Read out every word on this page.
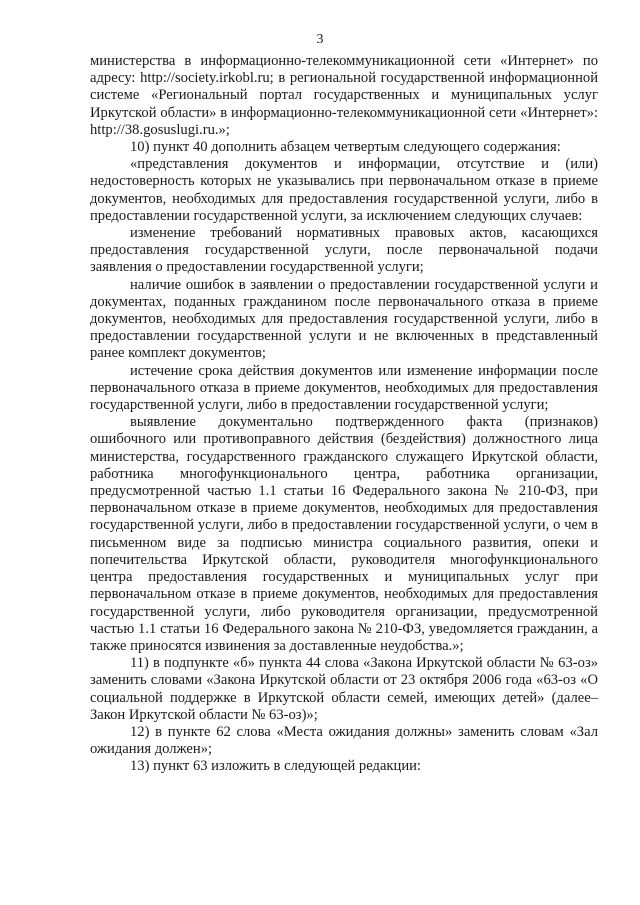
3

министерства в информационно-телекоммуникационной сети «Интернет» по адресу: http://society.irkobl.ru; в региональной государственной информационной системе «Региональный портал государственных и муниципальных услуг Иркутской области» в информационно-телекоммуникационной сети «Интернет»: http://38.gosuslugi.ru.»;

10) пункт 40 дополнить абзацем четвертым следующего содержания:

«представления документов и информации, отсутствие и (или) недостоверность которых не указывались при первоначальном отказе в приеме документов, необходимых для предоставления государственной услуги, либо в предоставлении государственной услуги, за исключением следующих случаев:

изменение требований нормативных правовых актов, касающихся предоставления государственной услуги, после первоначальной подачи заявления о предоставлении государственной услуги;

наличие ошибок в заявлении о предоставлении государственной услуги и документах, поданных гражданином после первоначального отказа в приеме документов, необходимых для предоставления государственной услуги, либо в предоставлении государственной услуги и не включенных в представленный ранее комплект документов;

истечение срока действия документов или изменение информации после первоначального отказа в приеме документов, необходимых для предоставления государственной услуги, либо в предоставлении государственной услуги;

выявление документально подтвержденного факта (признаков) ошибочного или противоправного действия (бездействия) должностного лица министерства, государственного гражданского служащего Иркутской области, работника многофункционального центра, работника организации, предусмотренной частью 1.1 статьи 16 Федерального закона № 210-ФЗ, при первоначальном отказе в приеме документов, необходимых для предоставления государственной услуги, либо в предоставлении государственной услуги, о чем в письменном виде за подписью министра социального развития, опеки и попечительства Иркутской области, руководителя многофункционального центра предоставления государственных и муниципальных услуг при первоначальном отказе в приеме документов, необходимых для предоставления государственной услуги, либо руководителя организации, предусмотренной частью 1.1 статьи 16 Федерального закона № 210-ФЗ, уведомляется гражданин, а также приносятся извинения за доставленные неудобства.»;

11) в подпункте «б» пункта 44 слова «Закона Иркутской области № 63-оз» заменить словами «Закона Иркутской области от 23 октября 2006 года «63-оз «О социальной поддержке в Иркутской области семей, имеющих детей» (далее–Закон Иркутской области № 63-оз)»;

12) в пункте 62 слова «Места ожидания должны» заменить словам «Зал ожидания должен»;

13) пункт 63 изложить в следующей редакции:
